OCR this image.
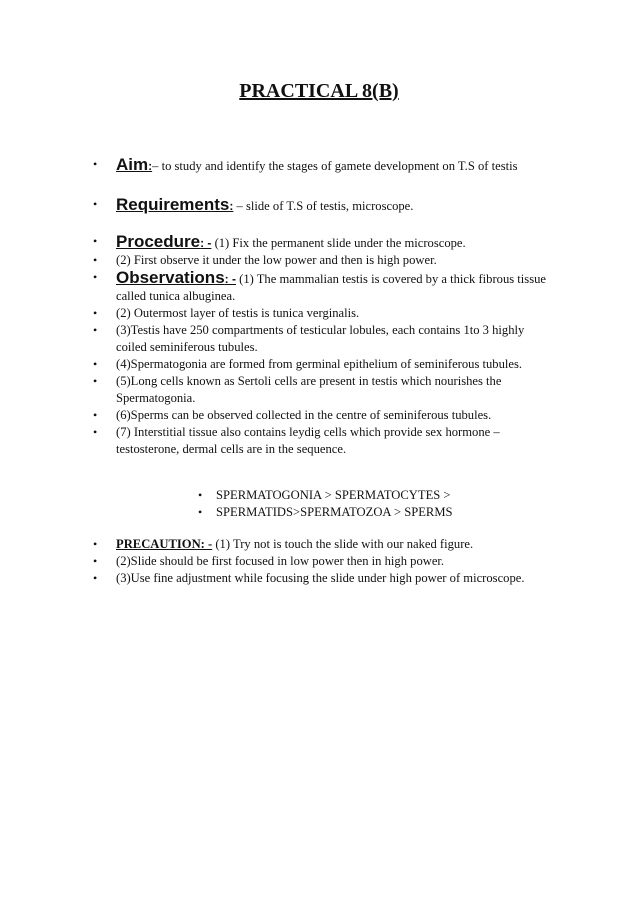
PRACTICAL 8(B)
• Aim:– to study and identify the stages of gamete development on T.S of testis
• Requirements: – slide of T.S of testis, microscope.
• Procedure: - (1) Fix the permanent slide under the microscope.
• (2) First observe it under the low power and then is high power.
• Observations: - (1) The mammalian testis is covered by a thick fibrous tissue called tunica albuginea.
• (2) Outermost layer of testis is tunica verginalis.
• (3)Testis have 250 compartments of testicular lobules, each contains 1to 3 highly coiled seminiferous tubules.
• (4)Spermatogonia are formed from germinal epithelium of seminiferous tubules.
• (5)Long cells known as Sertoli cells are present in testis which nourishes the Spermatogonia.
• (6)Sperms can be observed collected in the centre of seminiferous tubules.
• (7) Interstitial tissue also contains leydig cells which provide sex hormone – testosterone, dermal cells are in the sequence.
• SPERMATOGONIA > SPERMATOCYTES >
• SPERMATIDS>SPERMATOZOA > SPERMS
• PRECAUTION: - (1) Try not is touch the slide with our naked figure.
• (2)Slide should be first focused in low power then in high power.
• (3)Use fine adjustment while focusing the slide under high power of microscope.
